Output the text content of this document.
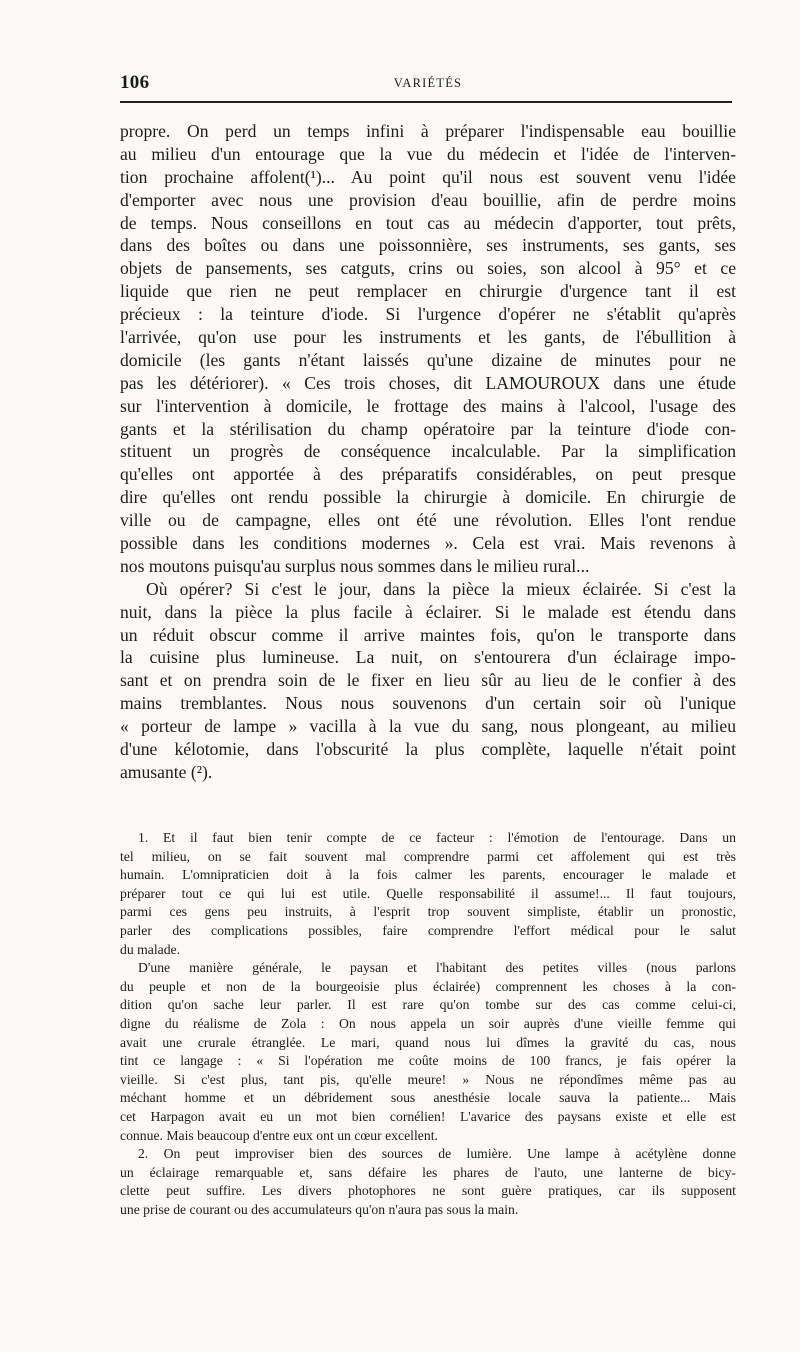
106	VARIÉTÉS
propre. On perd un temps infini à préparer l'indispensable eau bouillie
au milieu d'un entourage que la vue du médecin et l'idée de l'interven-
tion prochaine affolent(¹)... Au point qu'il nous est souvent venu l'idée
d'emporter avec nous une provision d'eau bouillie, afin de perdre moins
de temps. Nous conseillons en tout cas au médecin d'apporter, tout prêts,
dans des boîtes ou dans une poissonnière, ses instruments, ses gants, ses
objets de pansements, ses catguts, crins ou soies, son alcool à 95° et ce
liquide que rien ne peut remplacer en chirurgie d'urgence tant il est
précieux : la teinture d'iode. Si l'urgence d'opérer ne s'établit qu'après
l'arrivée, qu'on use pour les instruments et les gants, de l'ébullition à
domicile (les gants n'étant laissés qu'une dizaine de minutes pour ne
pas les détériorer). « Ces trois choses, dit LAMOUROUX dans une étude
sur l'intervention à domicile, le frottage des mains à l'alcool, l'usage des
gants et la stérilisation du champ opératoire par la teinture d'iode con-
stituent un progrès de conséquence incalculable. Par la simplification
qu'elles ont apportée à des préparatifs considérables, on peut presque
dire qu'elles ont rendu possible la chirurgie à domicile. En chirurgie de
ville ou de campagne, elles ont été une révolution. Elles l'ont rendue
possible dans les conditions modernes ». Cela est vrai. Mais revenons à
nos moutons puisqu'au surplus nous sommes dans le milieu rural...
Où opérer? Si c'est le jour, dans la pièce la mieux éclairée. Si c'est la
nuit, dans la pièce la plus facile à éclairer. Si le malade est étendu dans
un réduit obscur comme il arrive maintes fois, qu'on le transporte dans
la cuisine plus lumineuse. La nuit, on s'entourera d'un éclairage impo-
sant et on prendra soin de le fixer en lieu sûr au lieu de le confier à des
mains tremblantes. Nous nous souvenons d'un certain soir où l'unique
« porteur de lampe » vacilla à la vue du sang, nous plongeant, au milieu
d'une kélotomie, dans l'obscurité la plus complète, laquelle n'était point
amusante (²).
1. Et il faut bien tenir compte de ce facteur : l'émotion de l'entourage. Dans un
tel milieu, on se fait souvent mal comprendre parmi cet affolement qui est très
humain. L'omnipraticien doit à la fois calmer les parents, encourager le malade et
préparer tout ce qui lui est utile. Quelle responsabilité il assume!... Il faut toujours,
parmi ces gens peu instruits, à l'esprit trop souvent simpliste, établir un pronostic,
parler des complications possibles, faire comprendre l'effort médical pour le salut
du malade.
D'une manière générale, le paysan et l'habitant des petites villes (nous parlons
du peuple et non de la bourgeoisie plus éclairée) comprennent les choses à la con-
dition qu'on sache leur parler. Il est rare qu'on tombe sur des cas comme celui-ci,
digne du réalisme de Zola : On nous appela un soir auprès d'une vieille femme qui
avait une crurale étranglée. Le mari, quand nous lui dîmes la gravité du cas, nous
tint ce langage : « Si l'opération me coûte moins de 100 francs, je fais opérer la
vieille. Si c'est plus, tant pis, qu'elle meure! » Nous ne répondîmes même pas au
méchant homme et un débridement sous anesthésie locale sauva la patiente... Mais
cet Harpagon avait eu un mot bien cornélien! L'avarice des paysans existe et elle est
connue. Mais beaucoup d'entre eux ont un cœur excellent.
2. On peut improviser bien des sources de lumière. Une lampe à acétylène donne
un éclairage remarquable et, sans défaire les phares de l'auto, une lanterne de bicy-
clette peut suffire. Les divers photophores ne sont guère pratiques, car ils supposent
une prise de courant ou des accumulateurs qu'on n'aura pas sous la main.
